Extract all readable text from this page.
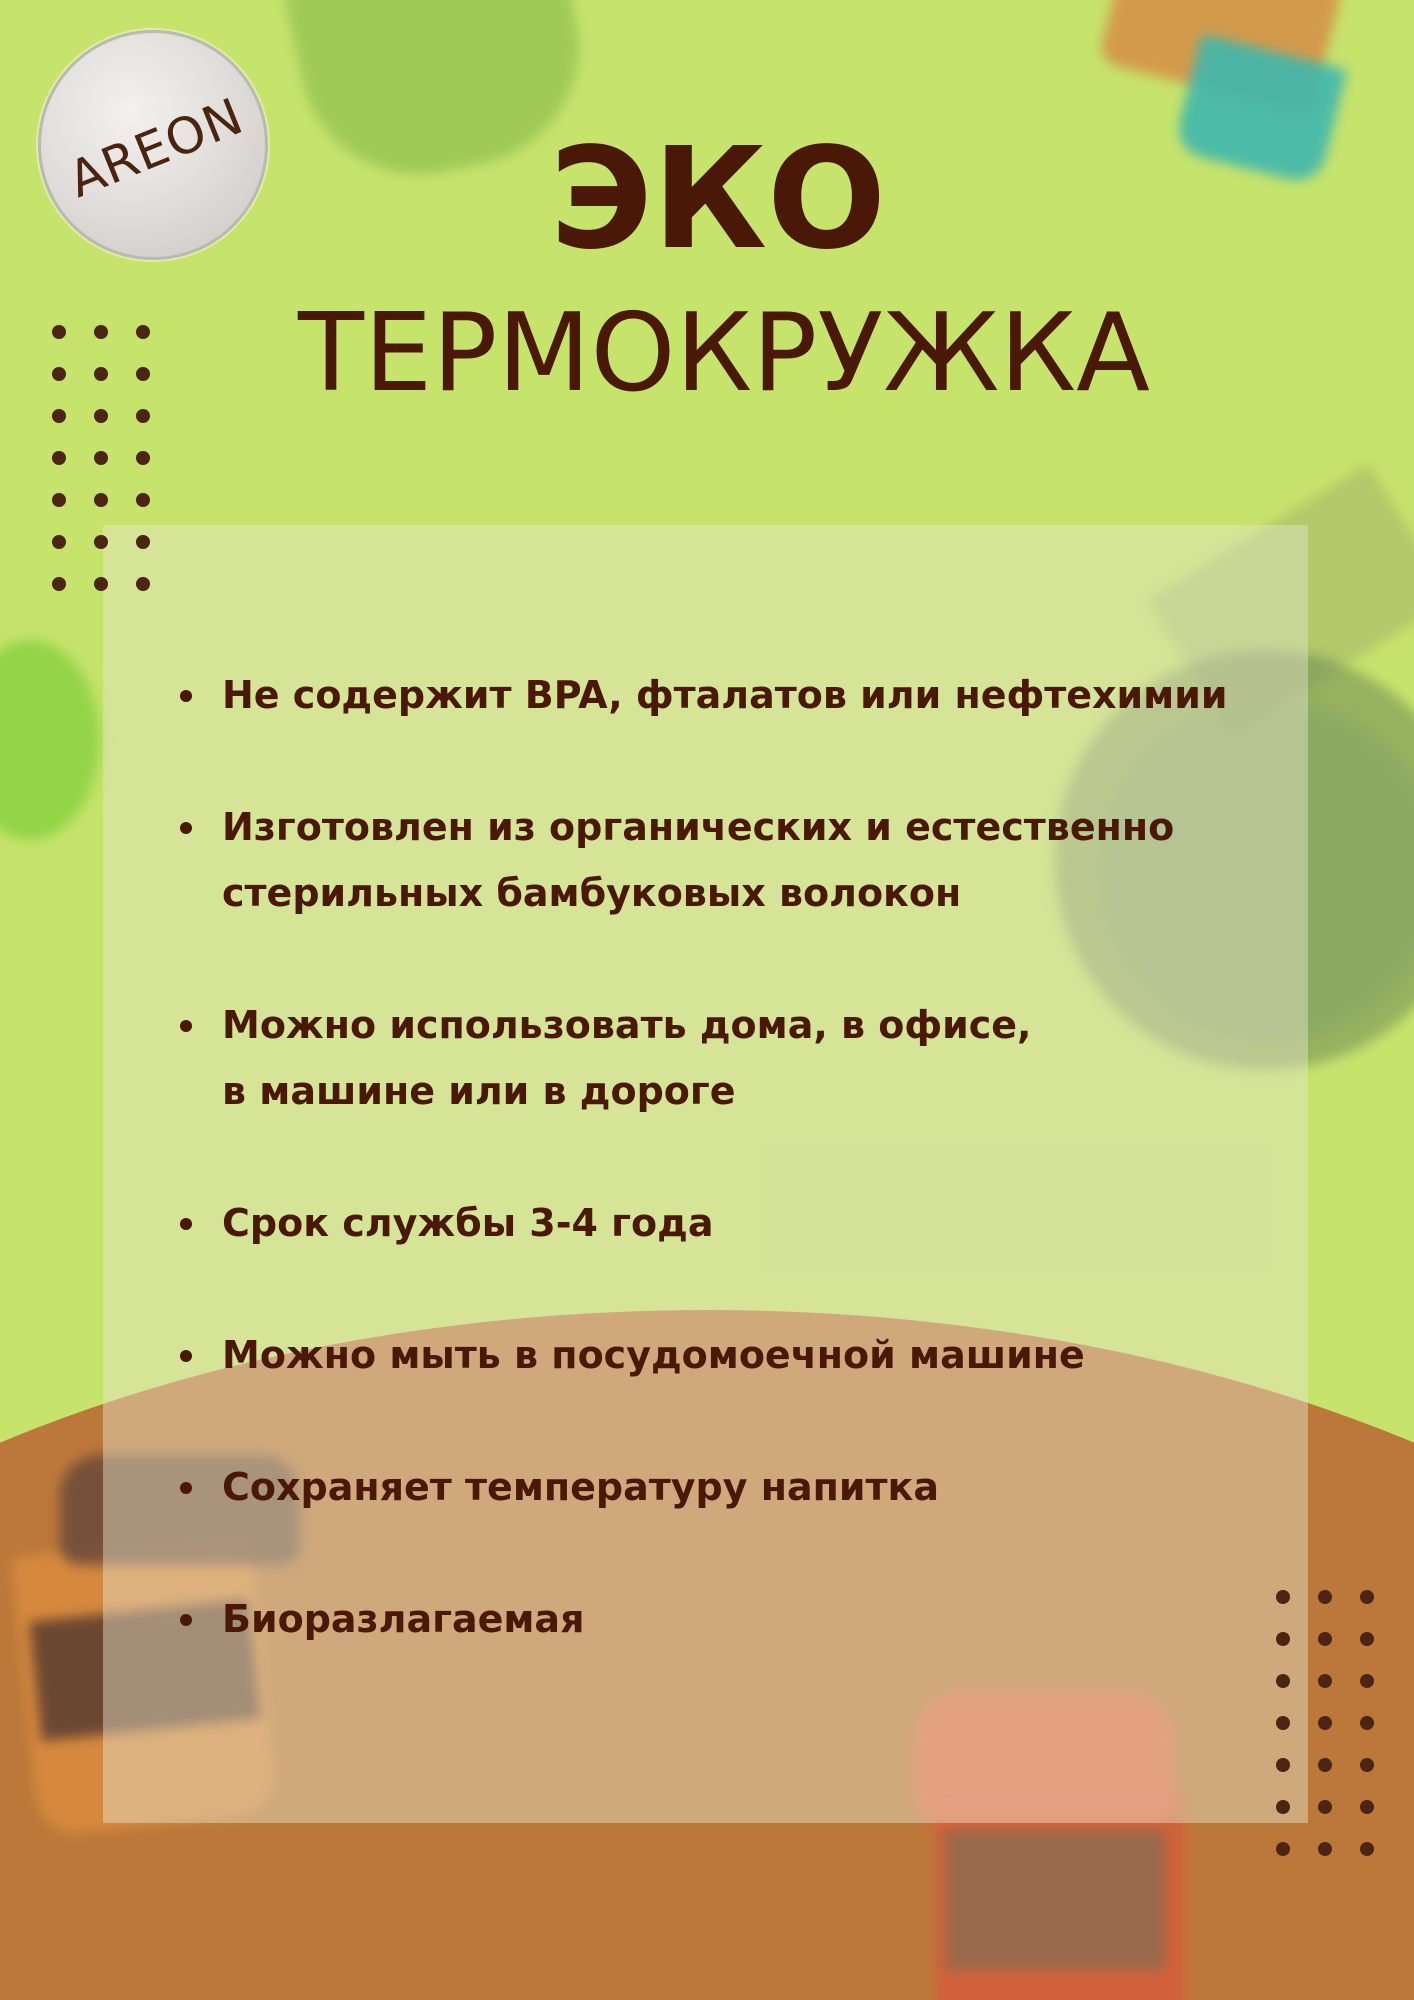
AREON	ЭКО
ТЕРМОКРУЖКА
Не содержит BPA, фталатов или нефтехимии
Изготовлен из органических и естественно
стерильных бамбуковых волокон
Можно использовать дома, в офисе,
в машине или в дороге
Срок службы 3-4 года
Можно мыть в посудомоечной машине
Сохраняет температуру напитка
Биоразлагаемая
